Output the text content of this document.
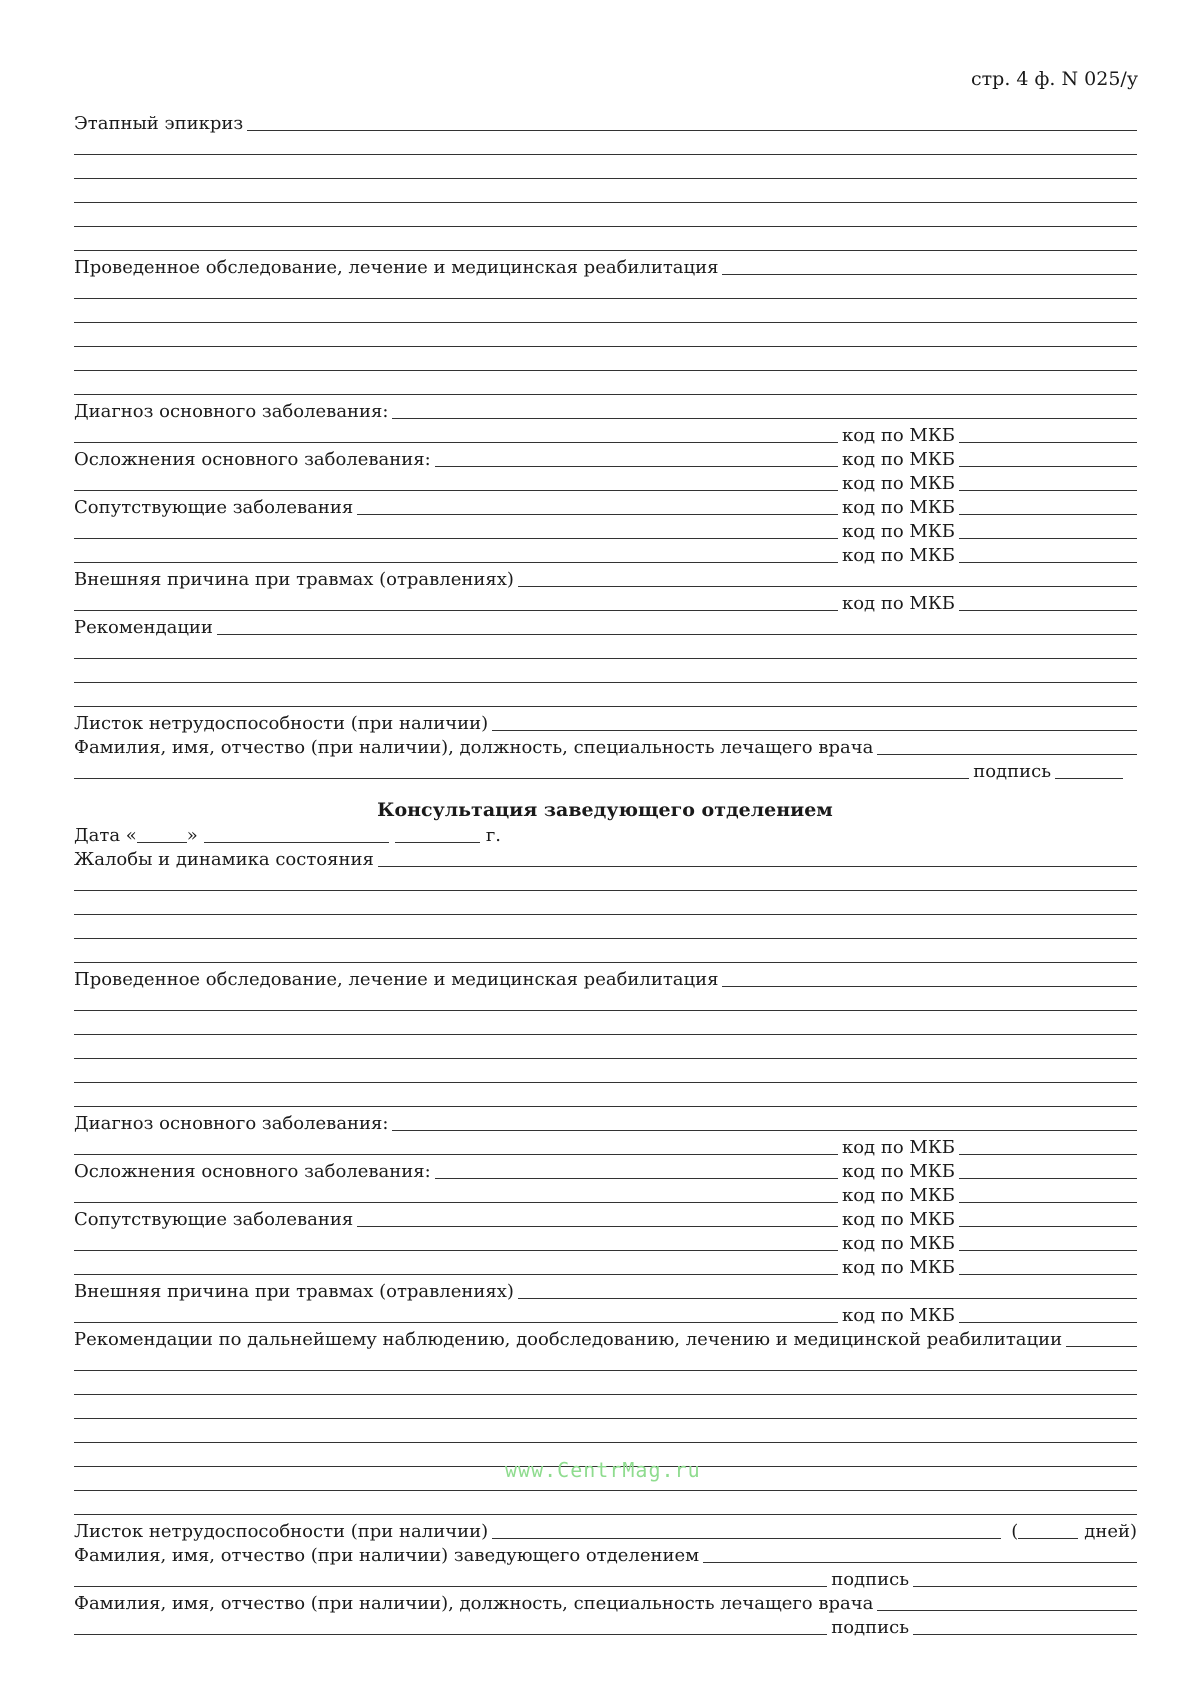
стр. 4 ф. N 025/у
Этапный эпикриз
Проведенное обследование, лечение и медицинская реабилитация
Диагноз основного заболевания:
код по МКБ
Осложнения основного заболевания:	код по МКБ
код по МКБ
Сопутствующие заболевания	код по МКБ
код по МКБ
код по МКБ
Внешняя причина при травмах (отравлениях)
код по МКБ
Рекомендации
Листок нетрудоспособности (при наличии)
Фамилия, имя, отчество (при наличии), должность, специальность лечащего врача
подпись
Консультация заведующего отделением
Дата «	»	г.
Жалобы и динамика состояния
Проведенное обследование, лечение и медицинская реабилитация
Диагноз основного заболевания:
код по МКБ
Осложнения основного заболевания:	код по МКБ
код по МКБ
Сопутствующие заболевания	код по МКБ
код по МКБ
код по МКБ
Внешняя причина при травмах (отравлениях)
код по МКБ
Рекомендации по дальнейшему наблюдению, дообследованию, лечению и медицинской реабилитации
Листок нетрудоспособности (при наличии)	(	дней)
Фамилия, имя, отчество (при наличии) заведующего отделением
подпись
Фамилия, имя, отчество (при наличии), должность, специальность лечащего врача
подпись
www.CentrMag.ru
